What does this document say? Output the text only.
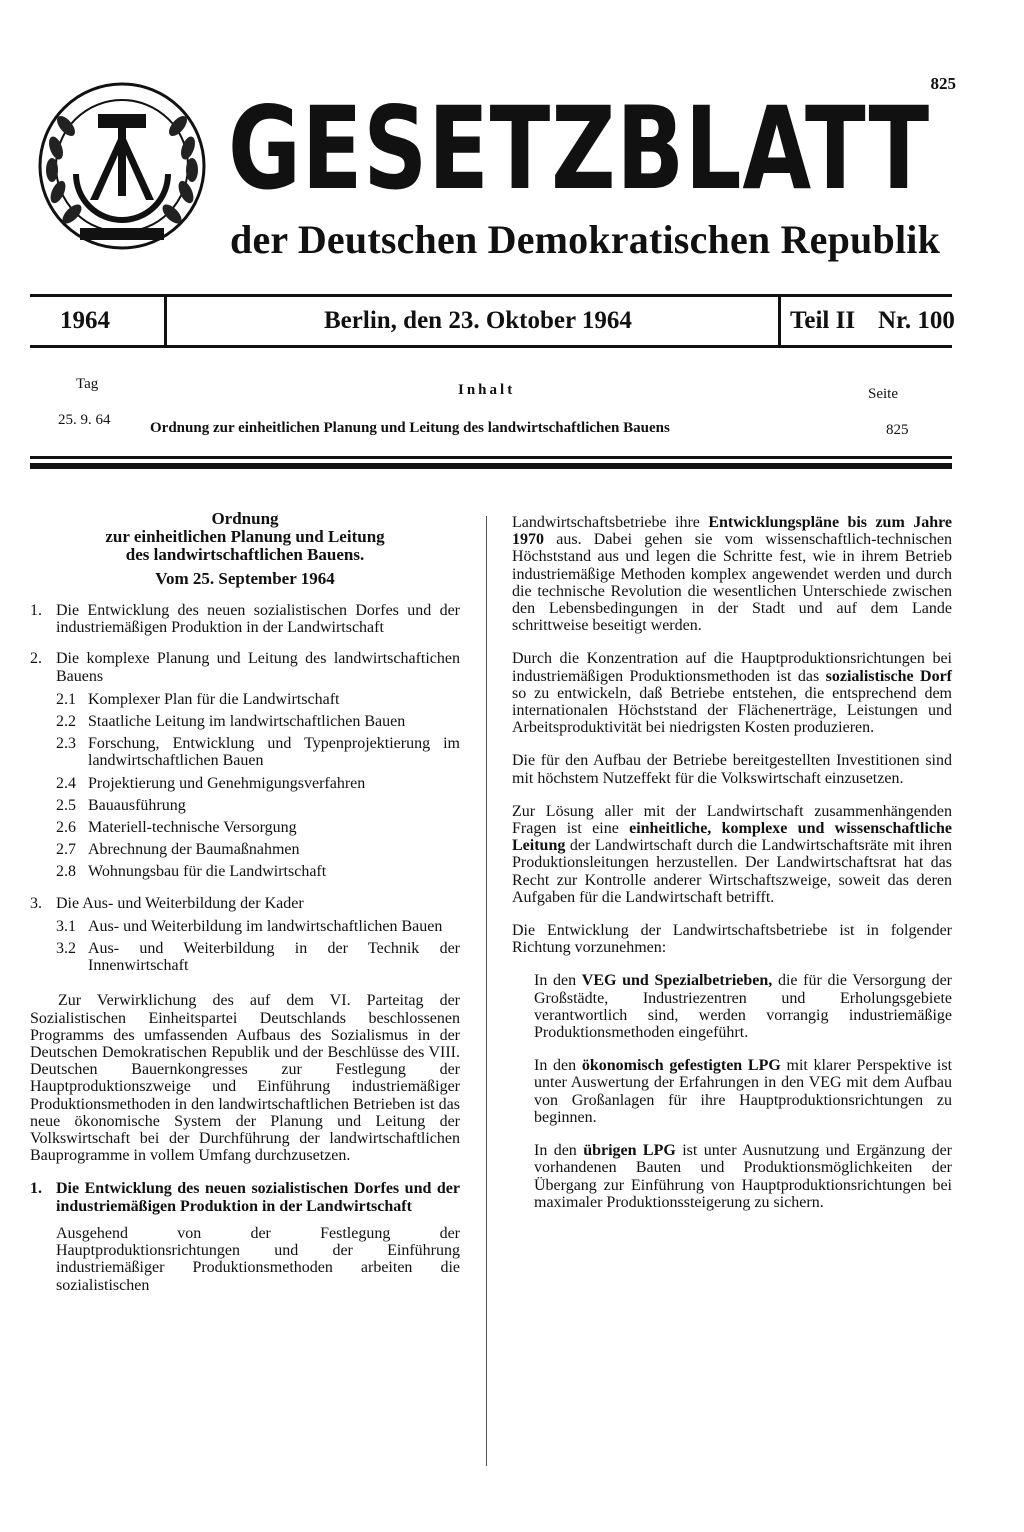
825
GESETZBLATT
der Deutschen Demokratischen Republik
1964	Berlin, den 23. Oktober 1964	Teil II Nr. 100
Tag	Inhalt	Seite
25. 9. 64	Ordnung zur einheitlichen Planung und Leitung des landwirtschaftlichen Bauens	825
Ordnung
zur einheitlichen Planung und Leitung
des landwirtschaftlichen Bauens.
Vom 25. September 1964
1. Die Entwicklung des neuen sozialistischen Dorfes und der industriemäßigen Produktion in der Landwirtschaft
2. Die komplexe Planung und Leitung des landwirtschaftichen Bauens
2.1 Komplexer Plan für die Landwirtschaft
2.2 Staatliche Leitung im landwirtschaftlichen Bauen
2.3 Forschung, Entwicklung und Typenprojektierung im landwirtschaftlichen Bauen
2.4 Projektierung und Genehmigungsverfahren
2.5 Bauausführung
2.6 Materiell-technische Versorgung
2.7 Abrechnung der Baumaßnahmen
2.8 Wohnungsbau für die Landwirtschaft
3. Die Aus- und Weiterbildung der Kader
3.1 Aus- und Weiterbildung im landwirtschaftlichen Bauen
3.2 Aus- und Weiterbildung in der Technik der Innenwirtschaft

Zur Verwirklichung des auf dem VI. Parteitag der Sozialistischen Einheitspartei Deutschlands beschlossenen Programms des umfassenden Aufbaus des Sozialismus in der Deutschen Demokratischen Republik und der Beschlüsse des VIII. Deutschen Bauernkongresses zur Festlegung der Hauptproduktionszweige und Einführung industriemäßiger Produktionsmethoden in den landwirtschaftlichen Betrieben ist das neue ökonomische System der Planung und Leitung der Volkswirtschaft bei der Durchführung der landwirtschaftlichen Bauprogramme in vollem Umfang durchzusetzen.

1. Die Entwicklung des neuen sozialistischen Dorfes und der industriemäßigen Produktion in der Landwirtschaft

Ausgehend von der Festlegung der Hauptproduktionsrichtungen und der Einführung industriemäßiger Produktionsmethoden arbeiten die sozialistischen

Landwirtschaftsbetriebe ihre Entwicklungspläne bis zum Jahre 1970 aus. Dabei gehen sie vom wissenschaftlich-technischen Höchststand aus und legen die Schritte fest, wie in ihrem Betrieb industriemäßige Methoden komplex angewendet werden und durch die technische Revolution die wesentlichen Unterschiede zwischen den Lebensbedingungen in der Stadt und auf dem Lande schrittweise beseitigt werden.

Durch die Konzentration auf die Hauptproduktionsrichtungen bei industriemäßigen Produktionsmethoden ist das sozialistische Dorf so zu entwickeln, daß Betriebe entstehen, die entsprechend dem internationalen Höchststand der Flächenerträge, Leistungen und Arbeitsproduktivität bei niedrigsten Kosten produzieren.

Die für den Aufbau der Betriebe bereitgestellten Investitionen sind mit höchstem Nutzeffekt für die Volkswirtschaft einzusetzen.

Zur Lösung aller mit der Landwirtschaft zusammenhängenden Fragen ist eine einheitliche, komplexe und wissenschaftliche Leitung der Landwirtschaft durch die Landwirtschaftsräte mit ihren Produktionsleitungen herzustellen. Der Landwirtschaftsrat hat das Recht zur Kontrolle anderer Wirtschaftszweige, soweit das deren Aufgaben für die Landwirtschaft betrifft.

Die Entwicklung der Landwirtschaftsbetriebe ist in folgender Richtung vorzunehmen:

In den VEG und Spezialbetrieben, die für die Versorgung der Großstädte, Industriezentren und Erholungsgebiete verantwortlich sind, werden vorrangig industriemäßige Produktionsmethoden eingeführt.

In den ökonomisch gefestigten LPG mit klarer Perspektive ist unter Auswertung der Erfahrungen in den VEG mit dem Aufbau von Großanlagen für ihre Hauptproduktionsrichtungen zu beginnen.

In den übrigen LPG ist unter Ausnutzung und Ergänzung der vorhandenen Bauten und Produktionsmöglichkeiten der Übergang zur Einführung von Hauptproduktionsrichtungen bei maximaler Produktionssteigerung zu sichern.
